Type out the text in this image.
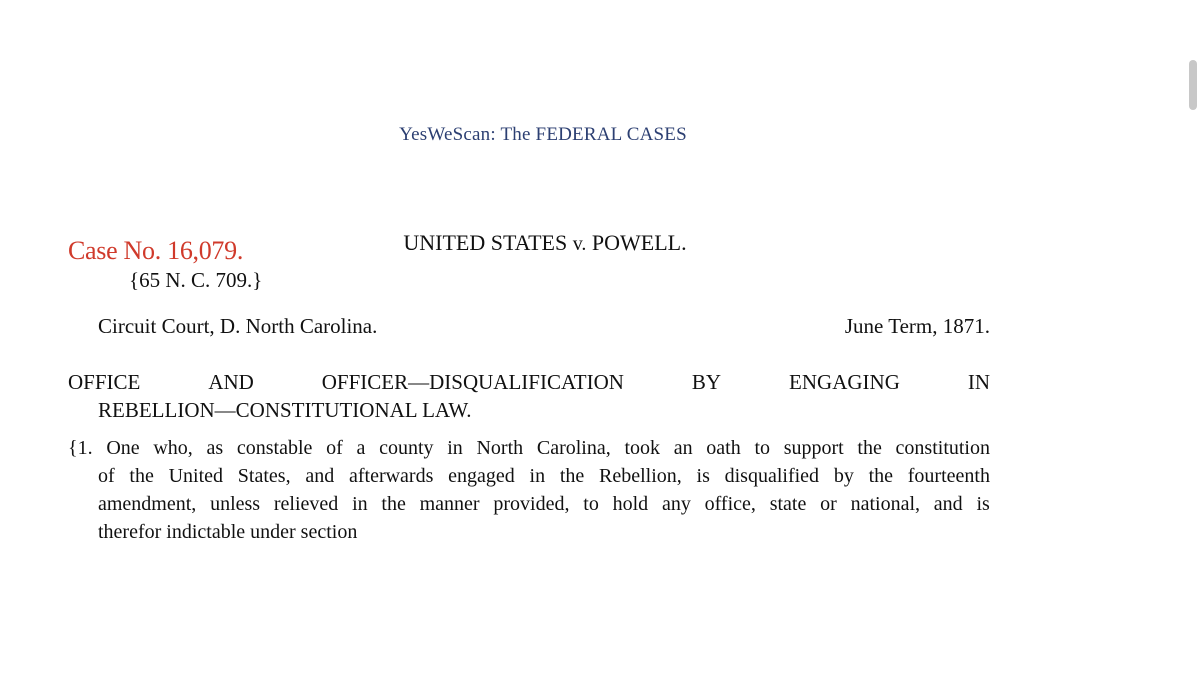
YesWeScan: The FEDERAL CASES
Case No. 16,079.	UNITED STATES v. POWELL.
{65 N. C. 709.}
Circuit Court, D. North Carolina.	June Term, 1871.
OFFICE	AND	OFFICER—DISQUALIFICATION	BY	ENGAGING	IN
REBELLION—CONSTITUTIONAL LAW.
{1. One who, as constable of a county in North Carolina, took an oath to support the constitution
of the United States, and afterwards engaged in the Rebellion, is disqualified by the fourteenth
amendment, unless relieved in the manner provided, to hold any office, state or national, and is
therefor indictable under section
